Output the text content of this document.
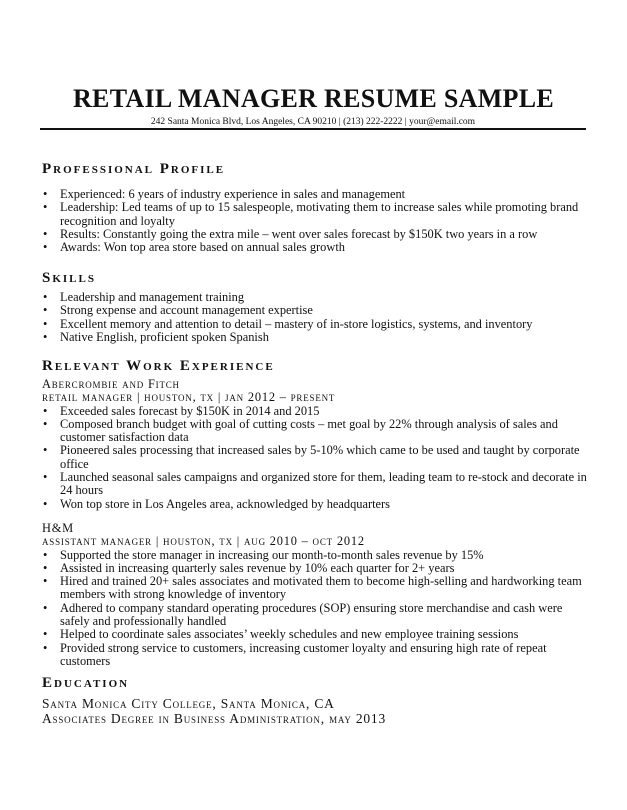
RETAIL MANAGER RESUME SAMPLE
242 Santa Monica Blvd, Los Angeles, CA 90210 | (213) 222-2222 | your@email.com
Professional Profile
• Experienced: 6 years of industry experience in sales and management
• Leadership: Led teams of up to 15 salespeople, motivating them to increase sales while promoting brand recognition and loyalty
• Results: Constantly going the extra mile – went over sales forecast by $150K two years in a row
• Awards: Won top area store based on annual sales growth
Skills
• Leadership and management training
• Strong expense and account management expertise
• Excellent memory and attention to detail – mastery of in-store logistics, systems, and inventory
• Native English, proficient spoken Spanish
Relevant Work Experience
Abercrombie and Fitch
retail manager | houston, tx | jan 2012 – present
• Exceeded sales forecast by $150K in 2014 and 2015
• Composed branch budget with goal of cutting costs – met goal by 22% through analysis of sales and customer satisfaction data
• Pioneered sales processing that increased sales by 5-10% which came to be used and taught by corporate office
• Launched seasonal sales campaigns and organized store for them, leading team to re-stock and decorate in 24 hours
• Won top store in Los Angeles area, acknowledged by headquarters
H&M
assistant manager | houston, tx | aug 2010 – oct 2012
• Supported the store manager in increasing our month-to-month sales revenue by 15%
• Assisted in increasing quarterly sales revenue by 10% each quarter for 2+ years
• Hired and trained 20+ sales associates and motivated them to become high-selling and hardworking team members with strong knowledge of inventory
• Adhered to company standard operating procedures (SOP) ensuring store merchandise and cash were safely and professionally handled
• Helped to coordinate sales associates’ weekly schedules and new employee training sessions
• Provided strong service to customers, increasing customer loyalty and ensuring high rate of repeat customers
Education
Santa Monica City College, Santa Monica, CA
Associates Degree in Business Administration, may 2013
